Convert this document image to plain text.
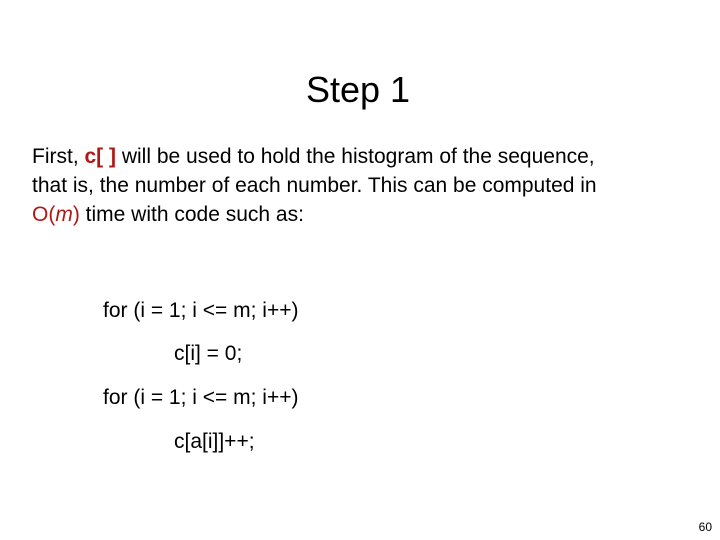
Step 1
First, c[ ] will be used to hold the histogram of the sequence,
that is, the number of each number. This can be computed in
O(m) time with code such as:
for (i = 1; i <= m; i++)
c[i] = 0;
for (i = 1; i <= m; i++)
c[a[i]]++;
60
